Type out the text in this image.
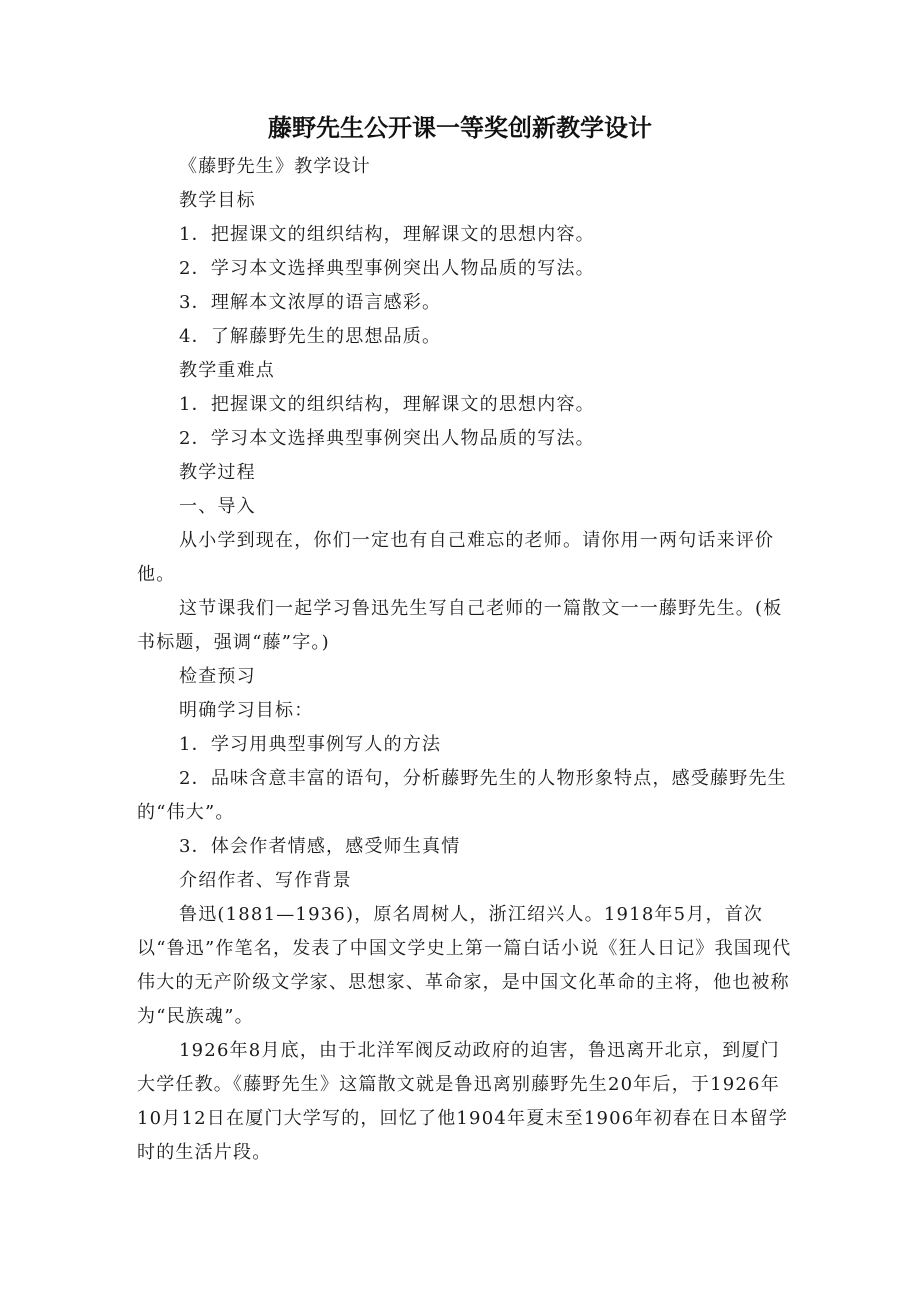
藤野先生公开课一等奖创新教学设计

《藤野先生》教学设计

教学目标

1．把握课文的组织结构，理解课文的思想内容。

2．学习本文选择典型事例突出人物品质的写法。

3．理解本文浓厚的语言感彩。

4．了解藤野先生的思想品质。

教学重难点

1．把握课文的组织结构，理解课文的思想内容。

2．学习本文选择典型事例突出人物品质的写法。

教学过程

一、导入

从小学到现在，你们一定也有自己难忘的老师。请你用一两句话来评价他。

这节课我们一起学习鲁迅先生写自己老师的一篇散文一一藤野先生。(板书标题，强调“藤”字。)

检查预习

明确学习目标：

1．学习用典型事例写人的方法

2．品味含意丰富的语句，分析藤野先生的人物形象特点，感受藤野先生的“伟大”。

3．体会作者情感，感受师生真情

介绍作者、写作背景

鲁迅(1881—1936)，原名周树人，浙江绍兴人。1918年5月，首次以“鲁迅”作笔名，发表了中国文学史上第一篇白话小说《狂人日记》我国现代伟大的无产阶级文学家、思想家、革命家，是中国文化革命的主将，他也被称为“民族魂”。

1926年8月底，由于北洋军阀反动政府的迫害，鲁迅离开北京，到厦门大学任教。《藤野先生》这篇散文就是鲁迅离别藤野先生20年后，于1926年10月12日在厦门大学写的，回忆了他1904年夏末至1906年初春在日本留学时的生活片段。
